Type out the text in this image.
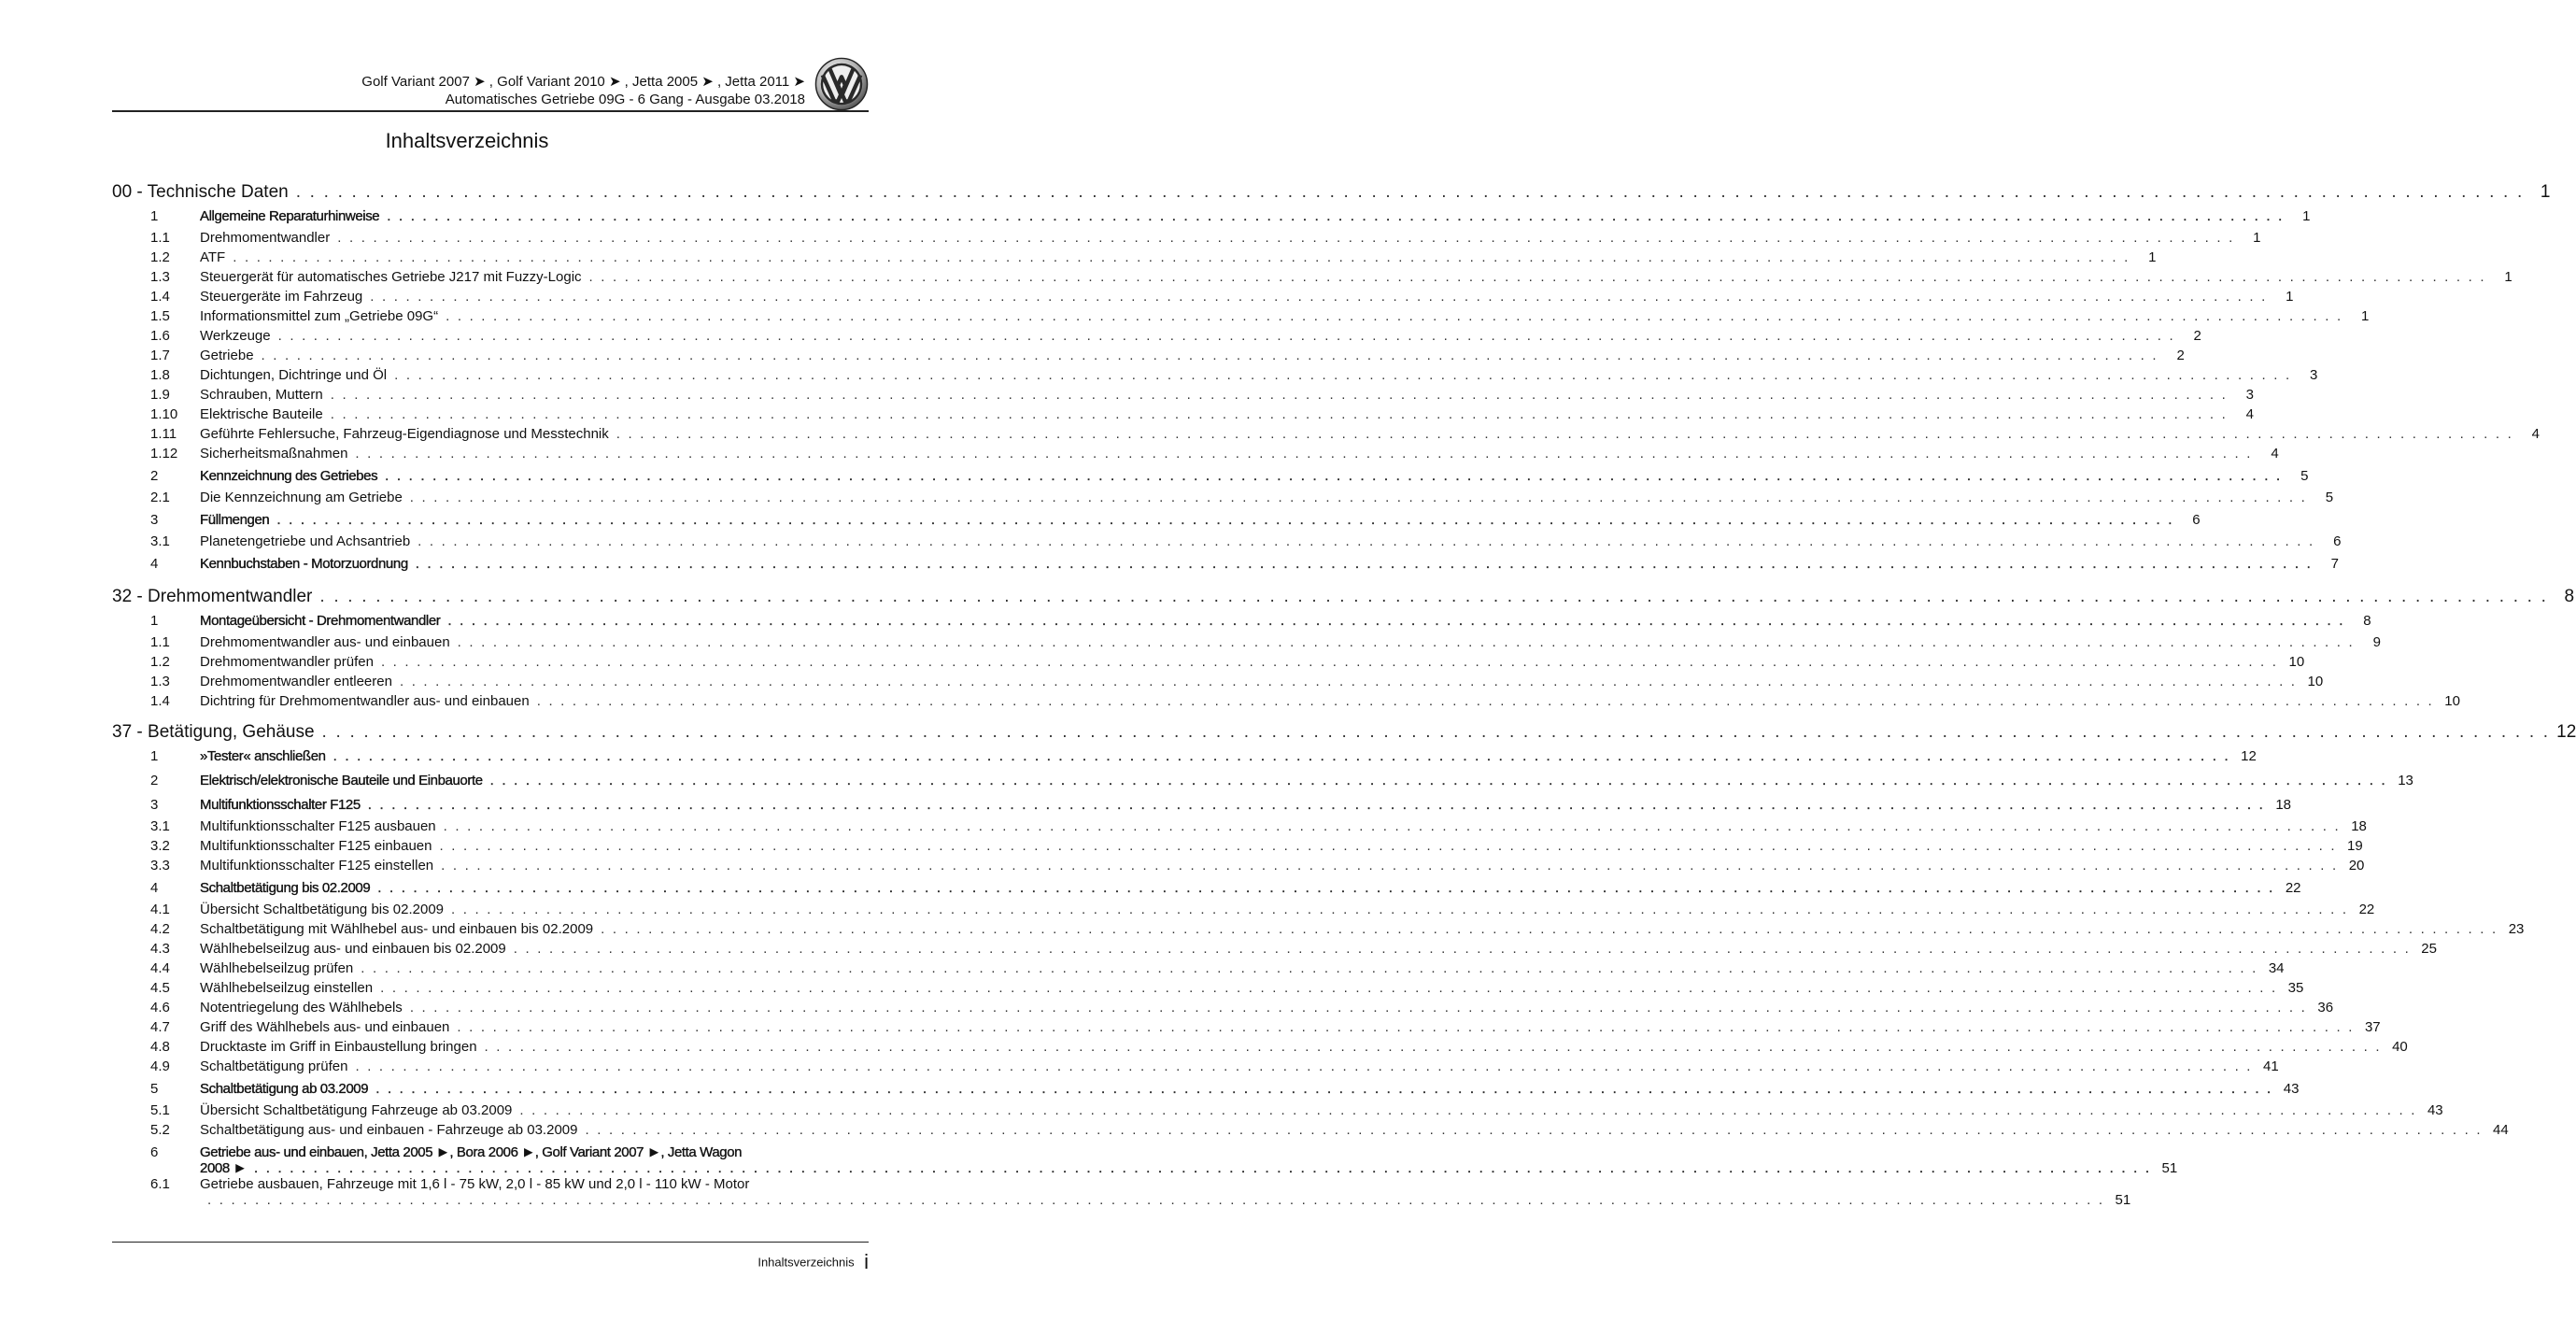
Golf Variant 2007 ➤ , Golf Variant 2010 ➤ , Jetta 2005 ➤ , Jetta 2011 ➤
Automatisches Getriebe 09G - 6 Gang - Ausgabe 03.2018
Inhaltsverzeichnis
00 - Technische Daten . . . . . . . . . . . . . . . . . . . . . . . . . . . . . . . . . . . . . . . . . . . . . . . . . . . . . . . . . . . . . . . . . . . . . . . . . . . . . . . . . . . . . . . . . . . . . . . . . . . . . . . . . . . . . . . . . . . . . . . . . . . . . . . . . . . . . . . . . . . . . . . . . . . . . . . . . . . . . . . . 1
1	Allgemeine Reparaturhinweise . . . . . . . . . . . . . . . . . . . . . . . . . . . . . . . . . . . . . . . . . . . . . . . . . . . . . . . . . . . . . . . . . . . . . . . . . . . . . . . . . . . . . . . . . . . . . . . . . . . . . . . . . . . . . . . . . . . . . . . . . . . . . . . . . . . . . . . . . . . . . . . . . . . . . . . . . . . . . . . .	1
1.1	Drehmomentwandler . . . . . . . . . . . . . . . . . . . . . . . . . . . . . . . . . . . . . . . . . . . . . . . . . . . . . . . . . . . . . . . . . . . . . . . . . . . . . . . . . . . . . . . . . . . . . . . . . . . . . . . . . . . . . . . . . . . . . . . . . . . . . . . . . . . . . . . . . . . . . . . . . . . . . . . . . . . . . . . .	1
1.2	ATF . . . . . . . . . . . . . . . . . . . . . . . . . . . . . . . . . . . . . . . . . . . . . . . . . . . . . . . . . . . . . . . . . . . . . . . . . . . . . . . . . . . . . . . . . . . . . . . . . . . . . . . . . . . . . . . . . . . . . . . . . . . . . . . . . . . . . . . . . . . . . . . . . . . . . . . . . . . . . . . .	1
1.3	Steuergerät für automatisches Getriebe J217 mit Fuzzy-Logic . . . . . . . . . . . . . . . . . . . . . . . . . . . . . . . . . . . . . . . . . . . . . . . . . . . . . . . . . . . . . . . . . . . . . . . . . . . . . . . . . . . . . . . . . . . . . . . . . . . . . . . . . . . . . . . . . . . . . . . . . . . . . . . . . . . . . . . . . . . . . . . . . . . . . . . . . . . . . . . .	1
1.4	Steuergeräte im Fahrzeug . . . . . . . . . . . . . . . . . . . . . . . . . . . . . . . . . . . . . . . . . . . . . . . . . . . . . . . . . . . . . . . . . . . . . . . . . . . . . . . . . . . . . . . . . . . . . . . . . . . . . . . . . . . . . . . . . . . . . . . . . . . . . . . . . . . . . . . . . . . . . . . . . . . . . . . . . . . . . . . .	1
1.5	Informationsmittel zum „Getriebe 09G“ . . . . . . . . . . . . . . . . . . . . . . . . . . . . . . . . . . . . . . . . . . . . . . . . . . . . . . . . . . . . . . . . . . . . . . . . . . . . . . . . . . . . . . . . . . . . . . . . . . . . . . . . . . . . . . . . . . . . . . . . . . . . . . . . . . . . . . . . . . . . . . . . . . . . . . . . . . . . . . . .	1
1.6	Werkzeuge . . . . . . . . . . . . . . . . . . . . . . . . . . . . . . . . . . . . . . . . . . . . . . . . . . . . . . . . . . . . . . . . . . . . . . . . . . . . . . . . . . . . . . . . . . . . . . . . . . . . . . . . . . . . . . . . . . . . . . . . . . . . . . . . . . . . . . . . . . . . . . . . . . . . . . . . . . . . . . . .	2
1.7	Getriebe . . . . . . . . . . . . . . . . . . . . . . . . . . . . . . . . . . . . . . . . . . . . . . . . . . . . . . . . . . . . . . . . . . . . . . . . . . . . . . . . . . . . . . . . . . . . . . . . . . . . . . . . . . . . . . . . . . . . . . . . . . . . . . . . . . . . . . . . . . . . . . . . . . . . . . . . . . . . . . . .	2
1.8	Dichtungen, Dichtringe und Öl . . . . . . . . . . . . . . . . . . . . . . . . . . . . . . . . . . . . . . . . . . . . . . . . . . . . . . . . . . . . . . . . . . . . . . . . . . . . . . . . . . . . . . . . . . . . . . . . . . . . . . . . . . . . . . . . . . . . . . . . . . . . . . . . . . . . . . . . . . . . . . . . . . . . . . . . . . . . . . . .	3
1.9	Schrauben, Muttern . . . . . . . . . . . . . . . . . . . . . . . . . . . . . . . . . . . . . . . . . . . . . . . . . . . . . . . . . . . . . . . . . . . . . . . . . . . . . . . . . . . . . . . . . . . . . . . . . . . . . . . . . . . . . . . . . . . . . . . . . . . . . . . . . . . . . . . . . . . . . . . . . . . . . . . . . . . . . . . .	3
1.10	Elektrische Bauteile . . . . . . . . . . . . . . . . . . . . . . . . . . . . . . . . . . . . . . . . . . . . . . . . . . . . . . . . . . . . . . . . . . . . . . . . . . . . . . . . . . . . . . . . . . . . . . . . . . . . . . . . . . . . . . . . . . . . . . . . . . . . . . . . . . . . . . . . . . . . . . . . . . . . . . . . . . . . . . . .	4
1.11	Geführte Fehlersuche, Fahrzeug-Eigendiagnose und Messtechnik . . . . . . . . . . . . . . . . . . . . . . . . . . . . . . . . . . . . . . . . . . . . . . . . . . . . . . . . . . . . . . . . . . . . . . . . . . . . . . . . . . . . . . . . . . . . . . . . . . . . . . . . . . . . . . . . . . . . . . . . . . . . . . . . . . . . . . . . . . . . . . . . . . . . . . . . . . . . . . . .	4
1.12	Sicherheitsmaßnahmen . . . . . . . . . . . . . . . . . . . . . . . . . . . . . . . . . . . . . . . . . . . . . . . . . . . . . . . . . . . . . . . . . . . . . . . . . . . . . . . . . . . . . . . . . . . . . . . . . . . . . . . . . . . . . . . . . . . . . . . . . . . . . . . . . . . . . . . . . . . . . . . . . . . . . . . . . . . . . . . .	4
2	Kennzeichnung des Getriebes . . . . . . . . . . . . . . . . . . . . . . . . . . . . . . . . . . . . . . . . . . . . . . . . . . . . . . . . . . . . . . . . . . . . . . . . . . . . . . . . . . . . . . . . . . . . . . . . . . . . . . . . . . . . . . . . . . . . . . . . . . . . . . . . . . . . . . . . . . . . . . . . . . . . . . . . . . . . . . . .	5
2.1	Die Kennzeichnung am Getriebe . . . . . . . . . . . . . . . . . . . . . . . . . . . . . . . . . . . . . . . . . . . . . . . . . . . . . . . . . . . . . . . . . . . . . . . . . . . . . . . . . . . . . . . . . . . . . . . . . . . . . . . . . . . . . . . . . . . . . . . . . . . . . . . . . . . . . . . . . . . . . . . . . . . . . . . . . . . . . . . .	5
3	Füllmengen . . . . . . . . . . . . . . . . . . . . . . . . . . . . . . . . . . . . . . . . . . . . . . . . . . . . . . . . . . . . . . . . . . . . . . . . . . . . . . . . . . . . . . . . . . . . . . . . . . . . . . . . . . . . . . . . . . . . . . . . . . . . . . . . . . . . . . . . . . . . . . . . . . . . . . . . . . . . . . . .	6
3.1	Planetengetriebe und Achsantrieb . . . . . . . . . . . . . . . . . . . . . . . . . . . . . . . . . . . . . . . . . . . . . . . . . . . . . . . . . . . . . . . . . . . . . . . . . . . . . . . . . . . . . . . . . . . . . . . . . . . . . . . . . . . . . . . . . . . . . . . . . . . . . . . . . . . . . . . . . . . . . . . . . . . . . . . . . . . . . . . .	6
4	Kennbuchstaben - Motorzuordnung . . . . . . . . . . . . . . . . . . . . . . . . . . . . . . . . . . . . . . . . . . . . . . . . . . . . . . . . . . . . . . . . . . . . . . . . . . . . . . . . . . . . . . . . . . . . . . . . . . . . . . . . . . . . . . . . . . . . . . . . . . . . . . . . . . . . . . . . . . . . . . . . . . . . . . . . . . . . . . . .	7
32 - Drehmomentwandler . . . . . . . . . . . . . . . . . . . . . . . . . . . . . . . . . . . . . . . . . . . . . . . . . . . . . . . . . . . . . . . . . . . . . . . . . . . . . . . . . . . . . . . . . . . . . . . . . . . . . . . . . . . . . . . . . . . . . . . . . . . . . . . . . . . . . . . . . . . . . . . . . . . . . . . . . . . . . . . . 8
1	Montageübersicht - Drehmomentwandler . . . . . . . . . . . . . . . . . . . . . . . . . . . . . . . . . . . . . . . . . . . . . . . . . . . . . . . . . . . . . . . . . . . . . . . . . . . . . . . . . . . . . . . . . . . . . . . . . . . . . . . . . . . . . . . . . . . . . . . . . . . . . . . . . . . . . . . . . . . . . . . . . . . . . . . . . . . . . . . .	8
1.1	Drehmomentwandler aus- und einbauen . . . . . . . . . . . . . . . . . . . . . . . . . . . . . . . . . . . . . . . . . . . . . . . . . . . . . . . . . . . . . . . . . . . . . . . . . . . . . . . . . . . . . . . . . . . . . . . . . . . . . . . . . . . . . . . . . . . . . . . . . . . . . . . . . . . . . . . . . . . . . . . . . . . . . . . . . . . . . . . .	9
1.2	Drehmomentwandler prüfen . . . . . . . . . . . . . . . . . . . . . . . . . . . . . . . . . . . . . . . . . . . . . . . . . . . . . . . . . . . . . . . . . . . . . . . . . . . . . . . . . . . . . . . . . . . . . . . . . . . . . . . . . . . . . . . . . . . . . . . . . . . . . . . . . . . . . . . . . . . . . . . . . . . . . . . . . . . . . . . . 10
1.3	Drehmomentwandler entleeren . . . . . . . . . . . . . . . . . . . . . . . . . . . . . . . . . . . . . . . . . . . . . . . . . . . . . . . . . . . . . . . . . . . . . . . . . . . . . . . . . . . . . . . . . . . . . . . . . . . . . . . . . . . . . . . . . . . . . . . . . . . . . . . . . . . . . . . . . . . . . . . . . . . . . . . . . . . . . . . . 10
1.4	Dichtring für Drehmomentwandler aus- und einbauen . . . . . . . . . . . . . . . . . . . . . . . . . . . . . . . . . . . . . . . . . . . . . . . . . . . . . . . . . . . . . . . . . . . . . . . . . . . . . . . . . . . . . . . . . . . . . . . . . . . . . . . . . . . . . . . . . . . . . . . . . . . . . . . . . . . . . . . . . . . . . . . . . . . . . . . . . . . . . . . . 10
37 - Betätigung, Gehäuse . . . . . . . . . . . . . . . . . . . . . . . . . . . . . . . . . . . . . . . . . . . . . . . . . . . . . . . . . . . . . . . . . . . . . . . . . . . . . . . . . . . . . . . . . . . . . . . . . . . . . . . . . . . . . . . . . . . . . . . . . . . . . . . . . . . . . . . . . . . . . . . . . . . . . . . . . . . . . . . . 12
1	»Tester« anschließen . . . . . . . . . . . . . . . . . . . . . . . . . . . . . . . . . . . . . . . . . . . . . . . . . . . . . . . . . . . . . . . . . . . . . . . . . . . . . . . . . . . . . . . . . . . . . . . . . . . . . . . . . . . . . . . . . . . . . . . . . . . . . . . . . . . . . . . . . . . . . . . . . . . . . . . . . . . . . . . . 12
2	Elektrisch/elektronische Bauteile und Einbauorte . . . . . . . . . . . . . . . . . . . . . . . . . . . . . . . . . . . . . . . . . . . . . . . . . . . . . . . . . . . . . . . . . . . . . . . . . . . . . . . . . . . . . . . . . . . . . . . . . . . . . . . . . . . . . . . . . . . . . . . . . . . . . . . . . . . . . . . . . . . . . . . . . . . . . . . . . . . . . . . . 13
3	Multifunktionsschalter F125 . . . . . . . . . . . . . . . . . . . . . . . . . . . . . . . . . . . . . . . . . . . . . . . . . . . . . . . . . . . . . . . . . . . . . . . . . . . . . . . . . . . . . . . . . . . . . . . . . . . . . . . . . . . . . . . . . . . . . . . . . . . . . . . . . . . . . . . . . . . . . . . . . . . . . . . . . . . . . . . . 18
3.1	Multifunktionsschalter F125 ausbauen . . . . . . . . . . . . . . . . . . . . . . . . . . . . . . . . . . . . . . . . . . . . . . . . . . . . . . . . . . . . . . . . . . . . . . . . . . . . . . . . . . . . . . . . . . . . . . . . . . . . . . . . . . . . . . . . . . . . . . . . . . . . . . . . . . . . . . . . . . . . . . . . . . . . . . . . . . . . . . . . 18
3.2	Multifunktionsschalter F125 einbauen . . . . . . . . . . . . . . . . . . . . . . . . . . . . . . . . . . . . . . . . . . . . . . . . . . . . . . . . . . . . . . . . . . . . . . . . . . . . . . . . . . . . . . . . . . . . . . . . . . . . . . . . . . . . . . . . . . . . . . . . . . . . . . . . . . . . . . . . . . . . . . . . . . . . . . . . . . . . . . . . 19
3.3	Multifunktionsschalter F125 einstellen . . . . . . . . . . . . . . . . . . . . . . . . . . . . . . . . . . . . . . . . . . . . . . . . . . . . . . . . . . . . . . . . . . . . . . . . . . . . . . . . . . . . . . . . . . . . . . . . . . . . . . . . . . . . . . . . . . . . . . . . . . . . . . . . . . . . . . . . . . . . . . . . . . . . . . . . . . . . . . . . 20
4	Schaltbetätigung bis 02.2009 . . . . . . . . . . . . . . . . . . . . . . . . . . . . . . . . . . . . . . . . . . . . . . . . . . . . . . . . . . . . . . . . . . . . . . . . . . . . . . . . . . . . . . . . . . . . . . . . . . . . . . . . . . . . . . . . . . . . . . . . . . . . . . . . . . . . . . . . . . . . . . . . . . . . . . . . . . . . . . . . 22
4.1	Übersicht Schaltbetätigung bis 02.2009 . . . . . . . . . . . . . . . . . . . . . . . . . . . . . . . . . . . . . . . . . . . . . . . . . . . . . . . . . . . . . . . . . . . . . . . . . . . . . . . . . . . . . . . . . . . . . . . . . . . . . . . . . . . . . . . . . . . . . . . . . . . . . . . . . . . . . . . . . . . . . . . . . . . . . . . . . . . . . . . . 22
4.2	Schaltbetätigung mit Wählhebel aus- und einbauen bis 02.2009 . . . . . . . . . . . . . . . . . . . . . . . . . . . . . . . . . . . . . . . . . . . . . . . . . . . . . . . . . . . . . . . . . . . . . . . . . . . . . . . . . . . . . . . . . . . . . . . . . . . . . . . . . . . . . . . . . . . . . . . . . . . . . . . . . . . . . . . . . . . . . . . . . . . . . . . . . . . . . . . . 23
4.3	Wählhebelseilzug aus- und einbauen bis 02.2009 . . . . . . . . . . . . . . . . . . . . . . . . . . . . . . . . . . . . . . . . . . . . . . . . . . . . . . . . . . . . . . . . . . . . . . . . . . . . . . . . . . . . . . . . . . . . . . . . . . . . . . . . . . . . . . . . . . . . . . . . . . . . . . . . . . . . . . . . . . . . . . . . . . . . . . . . . . . . . . . . 25
4.4	Wählhebelseilzug prüfen . . . . . . . . . . . . . . . . . . . . . . . . . . . . . . . . . . . . . . . . . . . . . . . . . . . . . . . . . . . . . . . . . . . . . . . . . . . . . . . . . . . . . . . . . . . . . . . . . . . . . . . . . . . . . . . . . . . . . . . . . . . . . . . . . . . . . . . . . . . . . . . . . . . . . . . . . . . . . . . . 34
4.5	Wählhebelseilzug einstellen . . . . . . . . . . . . . . . . . . . . . . . . . . . . . . . . . . . . . . . . . . . . . . . . . . . . . . . . . . . . . . . . . . . . . . . . . . . . . . . . . . . . . . . . . . . . . . . . . . . . . . . . . . . . . . . . . . . . . . . . . . . . . . . . . . . . . . . . . . . . . . . . . . . . . . . . . . . . . . . . 35
4.6	Notentriegelung des Wählhebels . . . . . . . . . . . . . . . . . . . . . . . . . . . . . . . . . . . . . . . . . . . . . . . . . . . . . . . . . . . . . . . . . . . . . . . . . . . . . . . . . . . . . . . . . . . . . . . . . . . . . . . . . . . . . . . . . . . . . . . . . . . . . . . . . . . . . . . . . . . . . . . . . . . . . . . . . . . . . . . . 36
4.7	Griff des Wählhebels aus- und einbauen . . . . . . . . . . . . . . . . . . . . . . . . . . . . . . . . . . . . . . . . . . . . . . . . . . . . . . . . . . . . . . . . . . . . . . . . . . . . . . . . . . . . . . . . . . . . . . . . . . . . . . . . . . . . . . . . . . . . . . . . . . . . . . . . . . . . . . . . . . . . . . . . . . . . . . . . . . . . . . . . 37
4.8	Drucktaste im Griff in Einbaustellung bringen . . . . . . . . . . . . . . . . . . . . . . . . . . . . . . . . . . . . . . . . . . . . . . . . . . . . . . . . . . . . . . . . . . . . . . . . . . . . . . . . . . . . . . . . . . . . . . . . . . . . . . . . . . . . . . . . . . . . . . . . . . . . . . . . . . . . . . . . . . . . . . . . . . . . . . . . . . . . . . . . 40
4.9	Schaltbetätigung prüfen . . . . . . . . . . . . . . . . . . . . . . . . . . . . . . . . . . . . . . . . . . . . . . . . . . . . . . . . . . . . . . . . . . . . . . . . . . . . . . . . . . . . . . . . . . . . . . . . . . . . . . . . . . . . . . . . . . . . . . . . . . . . . . . . . . . . . . . . . . . . . . . . . . . . . . . . . . . . . . . . 41
5	Schaltbetätigung ab 03.2009 . . . . . . . . . . . . . . . . . . . . . . . . . . . . . . . . . . . . . . . . . . . . . . . . . . . . . . . . . . . . . . . . . . . . . . . . . . . . . . . . . . . . . . . . . . . . . . . . . . . . . . . . . . . . . . . . . . . . . . . . . . . . . . . . . . . . . . . . . . . . . . . . . . . . . . . . . . . . . . . . 43
5.1	Übersicht Schaltbetätigung Fahrzeuge ab 03.2009 . . . . . . . . . . . . . . . . . . . . . . . . . . . . . . . . . . . . . . . . . . . . . . . . . . . . . . . . . . . . . . . . . . . . . . . . . . . . . . . . . . . . . . . . . . . . . . . . . . . . . . . . . . . . . . . . . . . . . . . . . . . . . . . . . . . . . . . . . . . . . . . . . . . . . . . . . . . . . . . . 43
5.2	Schaltbetätigung aus- und einbauen - Fahrzeuge ab 03.2009 . . . . . . . . . . . . . . . . . . . . . . . . . . . . . . . . . . . . . . . . . . . . . . . . . . . . . . . . . . . . . . . . . . . . . . . . . . . . . . . . . . . . . . . . . . . . . . . . . . . . . . . . . . . . . . . . . . . . . . . . . . . . . . . . . . . . . . . . . . . . . . . . . . . . . . . . . . . . . . . . 44
6	Getriebe aus- und einbauen, Jetta 2005 ►, Bora 2006 ►, Golf Variant 2007 ►, Jetta Wagon
2008 ► . . . . . . . . . . . . . . . . . . . . . . . . . . . . . . . . . . . . . . . . . . . . . . . . . . . . . . . . . . . . . . . . . . . . . . . . . . . . . . . . . . . . . . . . . . . . . . . . . . . . . . . . . . . . . . . . . . . . . . . . . . . . . . . . . . . . . . . . . . . . . . . . . . . . . . . . . . . . . . . . 51
6.1	Getriebe ausbauen, Fahrzeuge mit 1,6 l - 75 kW, 2,0 l - 85 kW und 2,0 l - 110 kW - Motor
. . . . . . . . . . . . . . . . . . . . . . . . . . . . . . . . . . . . . . . . . . . . . . . . . . . . . . . . . . . . . . . . . . . . . . . . . . . . . . . . . . . . . . . . . . . . . . . . . . . . . . . . . . . . . . . . . . . . . . . . . . . . . . . . . . . . . . . . . . . . . . . . . . . . . . . . . . . . . . . . 51
Inhaltsverzeichnis i
